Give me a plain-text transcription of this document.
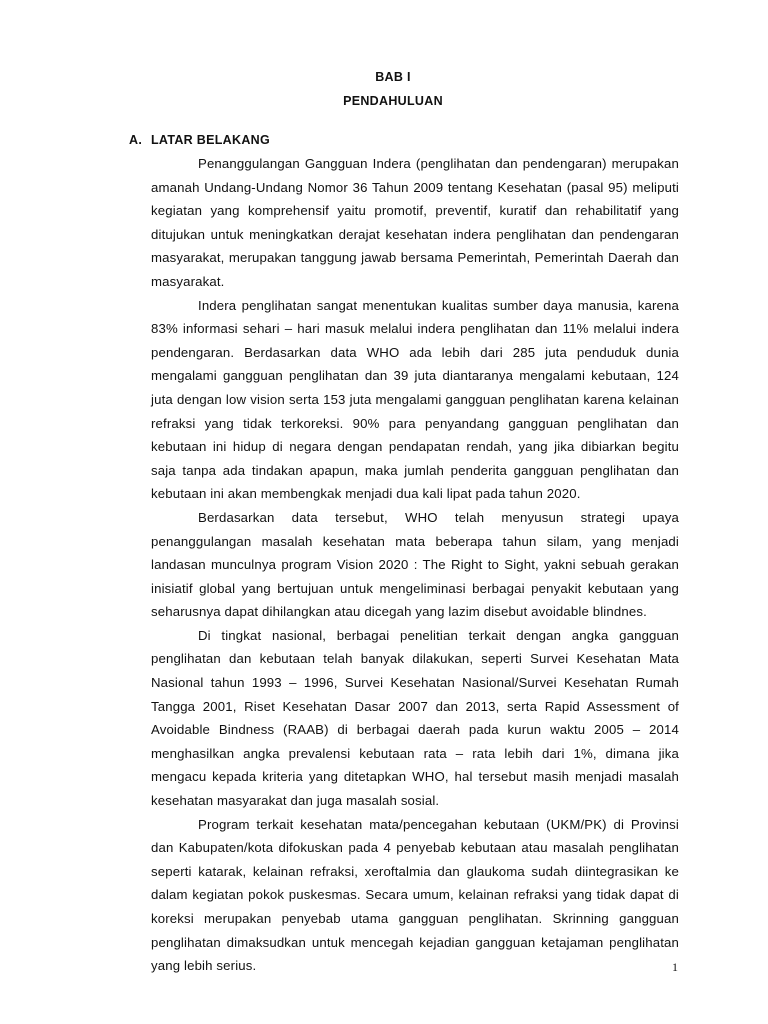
BAB I
PENDAHULUAN
A. LATAR BELAKANG

Penanggulangan Gangguan Indera (penglihatan dan pendengaran) merupakan amanah Undang-Undang Nomor 36 Tahun 2009 tentang Kesehatan (pasal 95) meliputi kegiatan yang komprehensif yaitu promotif, preventif, kuratif dan rehabilitatif yang ditujukan untuk meningkatkan derajat kesehatan indera penglihatan dan pendengaran masyarakat, merupakan tanggung jawab bersama Pemerintah, Pemerintah Daerah dan masyarakat.

Indera penglihatan sangat menentukan kualitas sumber daya manusia, karena 83% informasi sehari – hari masuk melalui indera penglihatan dan 11% melalui indera pendengaran. Berdasarkan data WHO ada lebih dari 285 juta penduduk dunia mengalami gangguan penglihatan dan 39 juta diantaranya mengalami kebutaan, 124 juta dengan low vision serta 153 juta mengalami gangguan penglihatan karena kelainan refraksi yang tidak terkoreksi. 90% para penyandang gangguan penglihatan dan kebutaan ini hidup di negara dengan pendapatan rendah, yang jika dibiarkan begitu saja tanpa ada tindakan apapun, maka jumlah penderita gangguan penglihatan dan kebutaan ini akan membengkak menjadi dua kali lipat pada tahun 2020.

Berdasarkan data tersebut, WHO telah menyusun strategi upaya penanggulangan masalah kesehatan mata beberapa tahun silam, yang menjadi landasan munculnya program Vision 2020 : The Right to Sight, yakni sebuah gerakan inisiatif global yang bertujuan untuk mengeliminasi berbagai penyakit kebutaan yang seharusnya dapat dihilangkan atau dicegah yang lazim disebut avoidable blindnes.

Di tingkat nasional, berbagai penelitian terkait dengan angka gangguan penglihatan dan kebutaan telah banyak dilakukan, seperti Survei Kesehatan Mata Nasional tahun 1993 – 1996, Survei Kesehatan Nasional/Survei Kesehatan Rumah Tangga 2001, Riset Kesehatan Dasar 2007 dan 2013, serta Rapid Assessment of Avoidable Bindness (RAAB) di berbagai daerah pada kurun waktu 2005 – 2014 menghasilkan angka prevalensi kebutaan rata – rata lebih dari 1%, dimana jika mengacu kepada kriteria yang ditetapkan WHO, hal tersebut masih menjadi masalah kesehatan masyarakat dan juga masalah sosial.

Program terkait kesehatan mata/pencegahan kebutaan (UKM/PK) di Provinsi dan Kabupaten/kota difokuskan pada 4 penyebab kebutaan atau masalah penglihatan seperti katarak, kelainan refraksi, xeroftalmia dan glaukoma sudah diintegrasikan ke dalam kegiatan pokok puskesmas. Secara umum, kelainan refraksi yang tidak dapat di koreksi merupakan penyebab utama gangguan penglihatan. Skrinning gangguan penglihatan dimaksudkan untuk mencegah kejadian gangguan ketajaman penglihatan yang lebih serius.	1
